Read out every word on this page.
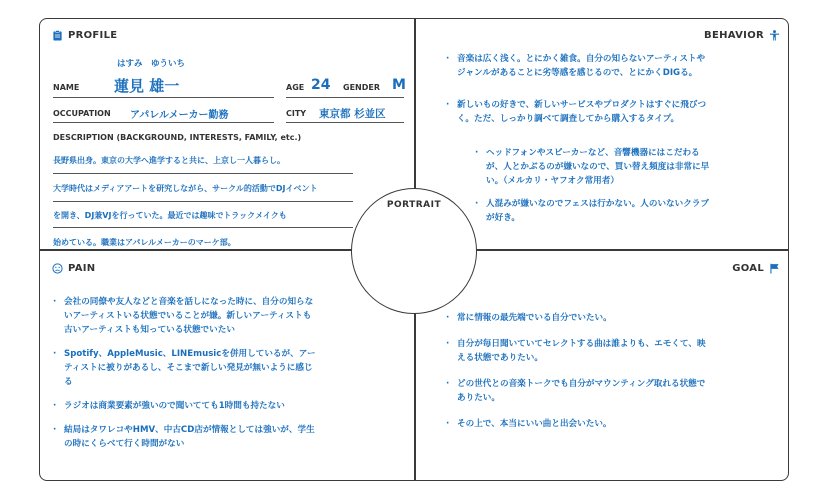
PROFILE
はすみ　ゆういち
NAME 蓮見 雄一	AGE 24 GENDER M
OCCUPATION アパレルメーカー勤務	CITY 東京都 杉並区
DESCRIPTION (BACKGROUND, INTERESTS, FAMILY, etc.)
長野県出身。東京の大学へ進学すると共に、上京し一人暮らし。
大学時代はメディアアートを研究しながら、サークル的活動でDJイベント
を開き、DJ兼VJを行っていた。最近では趣味でトラックメイクも
始めている。職業はアパレルメーカーのマーケ部。
BEHAVIOR
· 音楽は広く浅く。とにかく雑食。自分の知らないアーティストや
ジャンルがあることに劣等感を感じるので、とにかくDIGる。
· 新しいもの好きで、新しいサービスやプロダクトはすぐに飛びつ
く。ただ、しっかり調べて調査してから購入するタイプ。
· ヘッドフォンやスピーカーなど、音響機器にはこだわる
が、人とかぶるのが嫌いなので、買い替え頻度は非常に早
い。（メルカリ・ヤフオク常用者）
· 人混みが嫌いなのでフェスは行かない。人のいないクラブ
が好き。
PAIN
· 会社の同僚や友人などと音楽を話しになった時に、自分の知らな
いアーティストいる状態でいることが嫌。新しいアーティストも
古いアーティストも知っている状態でいたい
· Spotify、AppleMusic、LINEmusicを併用しているが、アー
ティストに被りがあるし、そこまで新しい発見が無いように感じ
る
· ラジオは商業要素が強いので聞いてても1時間も持たない
· 結局はタワレコやHMV、中古CD店が情報としては強いが、学生
の時にくらべて行く時間がない
GOAL
· 常に情報の最先端でいる自分でいたい。
· 自分が毎日聞いていてセレクトする曲は誰よりも、エモくて、映
える状態でありたい。
· どの世代との音楽トークでも自分がマウンティング取れる状態で
ありたい。
· その上で、本当にいい曲と出会いたい。
PORTRAIT
